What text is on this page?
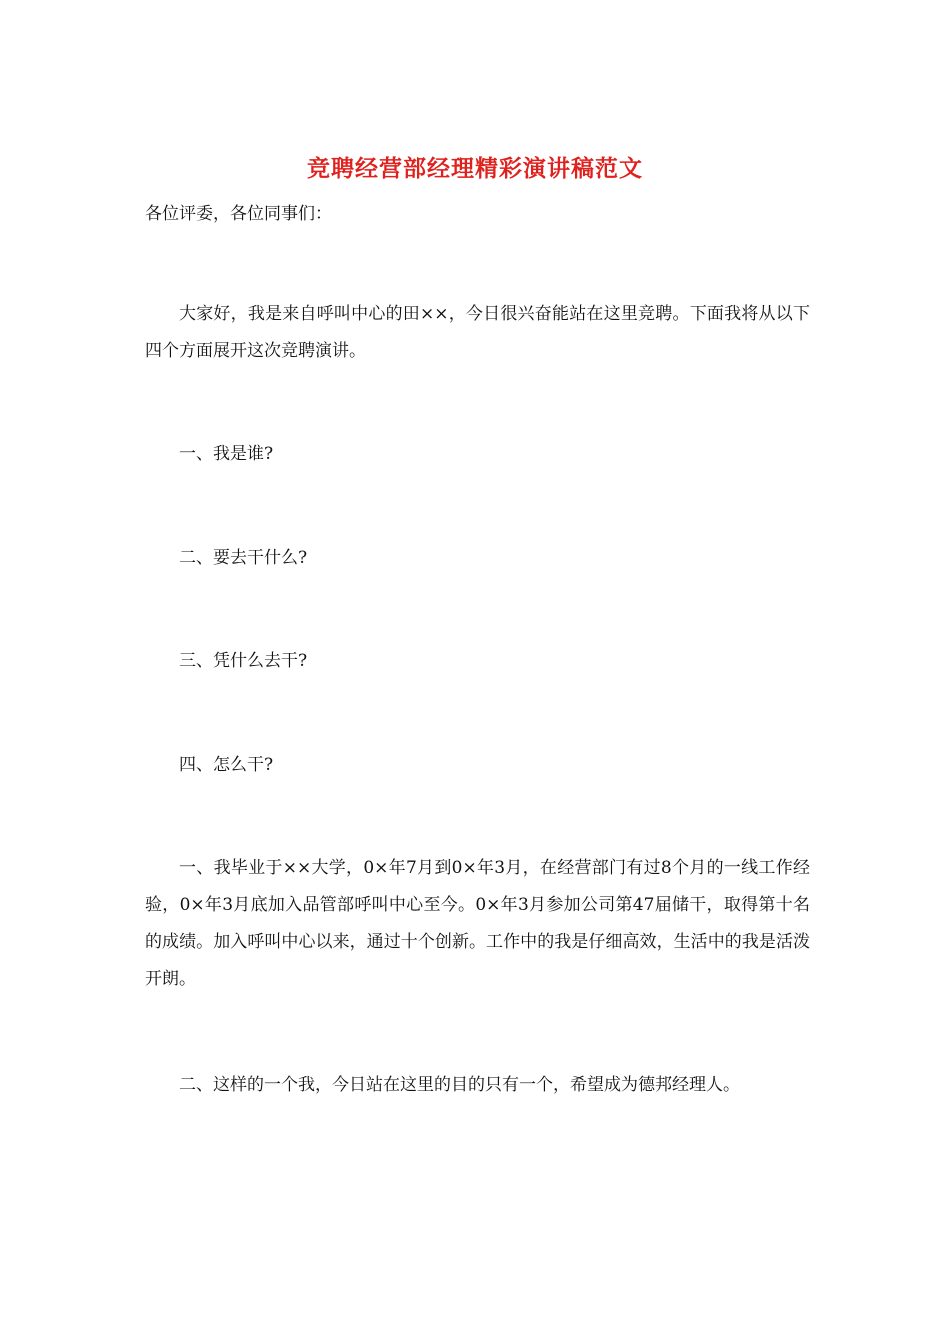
竞聘经营部经理精彩演讲稿范文

各位评委，各位同事们：

大家好，我是来自呼叫中心的田××，今日很兴奋能站在这里竞聘。下面我将从以下四个方面展开这次竞聘演讲。

一、我是谁?

二、要去干什么?

三、凭什么去干?

四、怎么干?

一、我毕业于××大学，0×年7月到0×年3月，在经营部门有过8个月的一线工作经验，0×年3月底加入品管部呼叫中心至今。0×年3月参加公司第47届储干，取得第十名的成绩。加入呼叫中心以来，通过十个创新。工作中的我是仔细高效，生活中的我是活泼开朗。

二、这样的一个我，今日站在这里的目的只有一个，希望成为德邦经理人。
